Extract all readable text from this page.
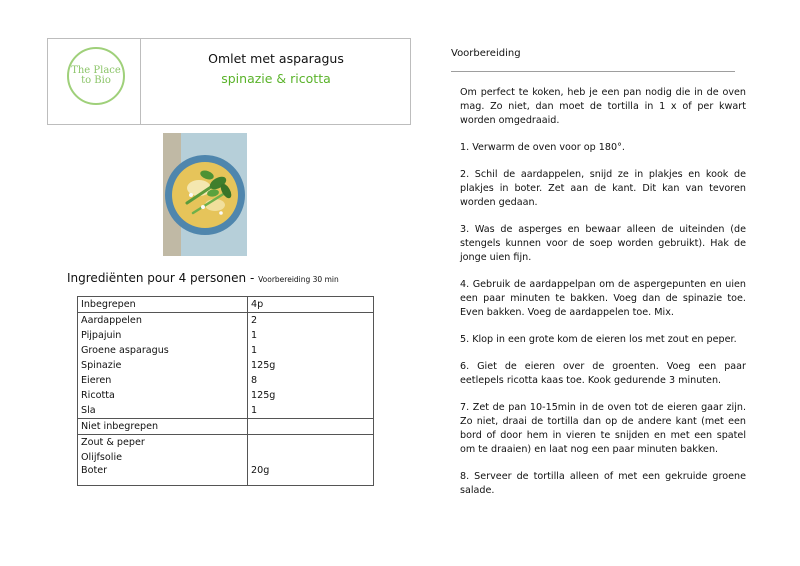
The Place
to Bio
Omlet met asparagus
spinazie & ricotta
Ingrediënten pour 4 personen - Voorbereiding 30 min
Inbegrepen	4p
Aardappelen	2
Pijpajuin	1
Groene asparagus	1
Spinazie	125g
Eieren	8
Ricotta	125g
Sla	1
Niet inbegrepen	
Zout & peper	
Olijfsolie	
Boter	20g
Voorbereiding

Om perfect te koken, heb je een pan nodig die in de oven mag. Zo niet, dan moet de tortilla in 1 x of per kwart worden omgedraaid.

1. Verwarm de oven voor op 180°.

2. Schil de aardappelen, snijd ze in plakjes en kook de plakjes in boter. Zet aan de kant. Dit kan van tevoren worden gedaan.

3. Was de asperges en bewaar alleen de uiteinden (de stengels kunnen voor de soep worden gebruikt). Hak de jonge uien fijn.

4. Gebruik de aardappelpan om de aspergepunten en uien een paar minuten te bakken. Voeg dan de spinazie toe. Even bakken. Voeg de aardappelen toe. Mix.

5. Klop in een grote kom de eieren los met zout en peper.

6. Giet de eieren over de groenten. Voeg een paar eetlepels ricotta kaas toe. Kook gedurende 3 minuten.

7. Zet de pan 10-15min in de oven tot de eieren gaar zijn. Zo niet, draai de tortilla dan op de andere kant (met een bord of door hem in vieren te snijden en met een spatel om te draaien) en laat nog een paar minuten bakken.

8. Serveer de tortilla alleen of met een gekruide groene salade.
